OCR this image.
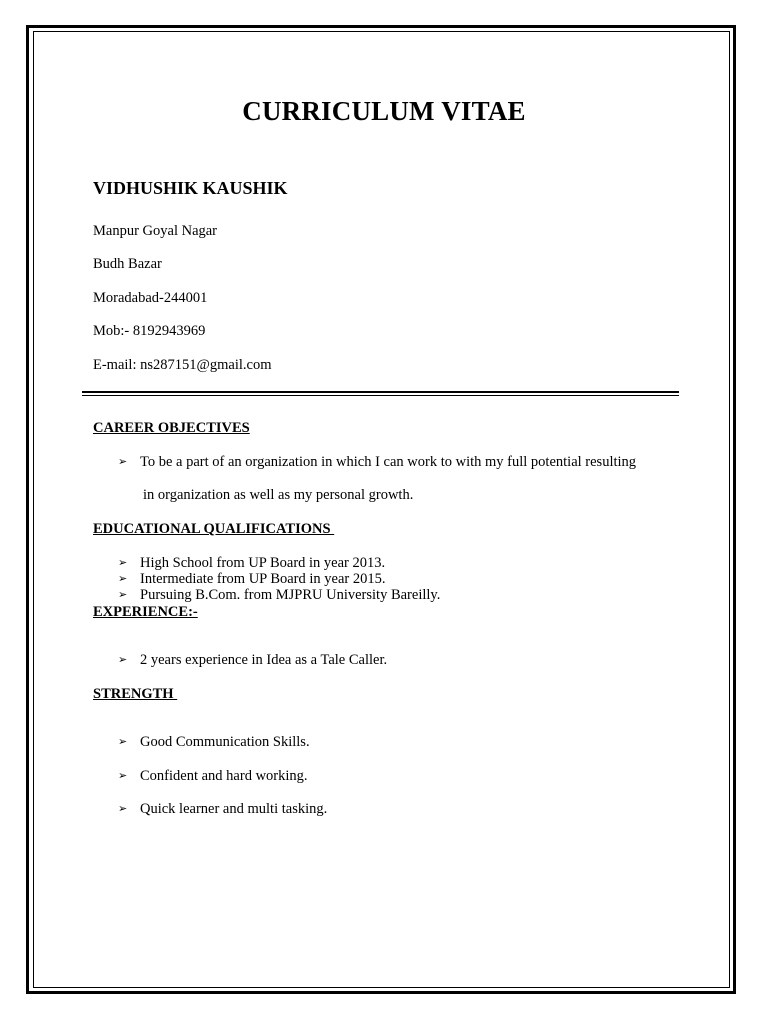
CURRICULUM VITAE
VIDHUSHIK KAUSHIK
Manpur Goyal Nagar
Budh Bazar
Moradabad-244001
Mob:- 8192943969
E-mail: ns287151@gmail.com
CAREER OBJECTIVES
➢ To be a part of an organization in which I can work to with my full potential resulting
in organization as well as my personal growth.
EDUCATIONAL QUALIFICATIONS
➢ High School from UP Board in year 2013.
➢ Intermediate from UP Board in year 2015.
➢ Pursuing B.Com. from MJPRU University Bareilly.
EXPERIENCE:-
➢ 2 years experience in Idea as a Tale Caller.
STRENGTH
➢ Good Communication Skills.
➢ Confident and hard working.
➢ Quick learner and multi tasking.
